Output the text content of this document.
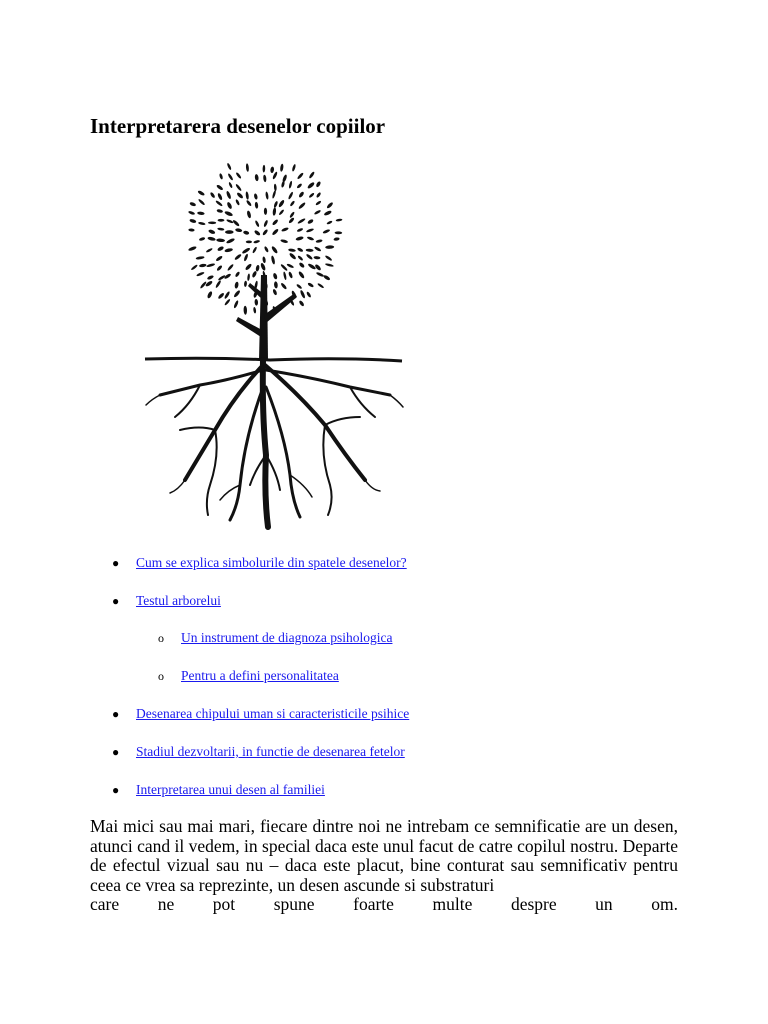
Interpretarera desenelor copiilor
● Cum se explica simbolurile din spatele desenelor?
● Testul arborelui
o Un instrument de diagnoza psihologica
o Pentru a defini personalitatea
● Desenarea chipului uman si caracteristicile psihice
● Stadiul dezvoltarii, in functie de desenarea fetelor
● Interpretarea unui desen al familiei

Mai mici sau mai mari, fiecare dintre noi ne intrebam ce semnificatie are un desen, atunci cand il vedem, in special daca este unul facut de catre copilul nostru. Departe de efectul vizual sau nu – daca este placut, bine conturat sau semnificativ pentru ceea ce vrea sa reprezinte, un desen ascunde si substraturi
care ne pot spune foarte multe despre un om.
